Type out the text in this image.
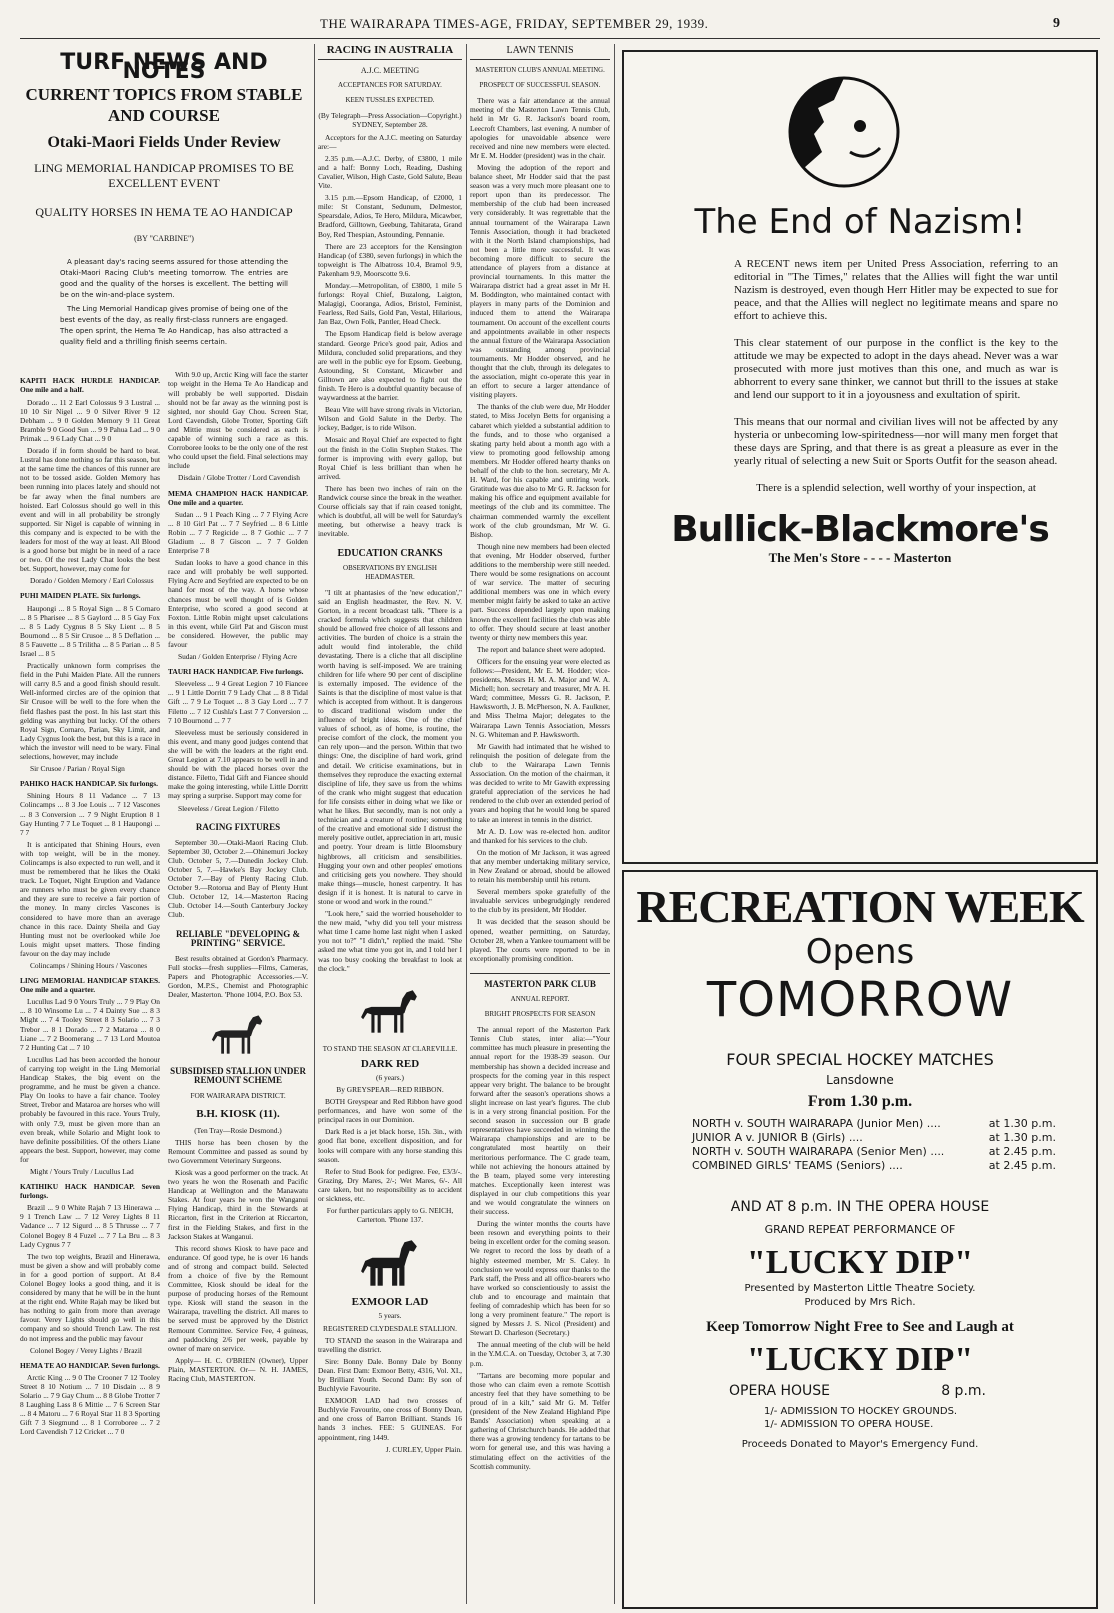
THE WAIRARAPA TIMES-AGE, FRIDAY, SEPTEMBER 29, 1939.	9
TURF NEWS AND NOTES
CURRENT TOPICS FROM STABLE AND COURSE
Otaki-Maori Fields Under Review
LING MEMORIAL HANDICAP PROMISES TO BE EXCELLENT EVENT
QUALITY HORSES IN HEMA TE AO HANDICAP
(BY "CARBINE")

A pleasant day's racing seems assured for those attending the Otaki-Maori Racing Club's meeting tomorrow. The entries are good and the quality of the horses is excellent. The betting will be on the win-and-place system.

The Ling Memorial Handicap gives promise of being one of the best events of the day, as really first-class runners are engaged. The open sprint, the Hema Te Ao Handicap, has also attracted a quality field and a thrilling finish seems certain.

KAPITI HACK HURDLE HANDICAP. One mile and a half.

Dorado ... 11 2 Earl Colossus 9 3 Lustral ... 10 10 Sir Nigel ... 9 0 Silver River 9 12 Debham ... 9 0 Golden Memory 9 11 Great Bramble 9 0 Good Sun ... 9 9 Pahua Lad ... 9 0 Primak ... 9 6 Lady Chat ... 9 0

Dorado if in form should be hard to beat. Lustral has done nothing so far this season, but at the same time the chances of this runner are not to be tossed aside. Golden Memory has been running into places lately and should not be far away when the final numbers are hoisted. Earl Colossus should go well in this event and will in all probability be strongly supported. Sir Nigel is capable of winning in this company and is expected to be with the leaders for most of the way at least. All Blood is a good horse but might be in need of a race or two. Of the rest Lady Chat looks the best bet. Support, however, may come for

Dorado / Golden Memory / Earl Colossus

PUHI MAIDEN PLATE. Six furlongs.

Haupongi ... 8 5 Royal Sign ... 8 5 Cornaro ... 8 5 Pharisee ... 8 5 Gaylord ... 8 5 Gay Fox ... 8 5 Lady Cygnus 8 5 Sky Lient ... 8 5 Bournond ... 8 5 Sir Crusoe ... 8 5 Deflation ... 8 5 Fauvette ... 8 5 Trilitha ... 8 5 Parian ... 8 5 Israel ... 8 5

Practically unknown form comprises the field in the Puhi Maiden Plate. All the runners will carry 8.5 and a good finish should result. Well-informed circles are of the opinion that Sir Crusoe will be well to the fore when the field flashes past the post. In his last start this gelding was anything but lucky. Of the others Royal Sign, Cornaro, Parian, Sky Limit, and Lady Cygnus look the best, but this is a race in which the investor will need to be wary. Final selections, however, may include

Sir Crusoe / Parian / Royal Sign

PAHIKO HACK HANDICAP. Six furlongs.

Shining Hours 8 11 Vadance ... 7 13 Colincamps ... 8 3 Joe Louis ... 7 12 Vascones ... 8 3 Conversion ... 7 9 Night Eruption 8 1 Gay Hunting 7 7 Le Toquet ... 8 1 Haupongi ... 7 7

It is anticipated that Shining Hours, even with top weight, will be in the money. Colincamps is also expected to run well, and it must be remembered that he likes the Otaki track. Le Toquet, Night Eruption and Vadance are runners who must be given every chance and they are sure to receive a fair portion of the money. In many circles Vascones is considered to have more than an average chance in this race. Dainty Sheila and Gay Hunting must not be overlooked while Joe Louis might upset matters. Those finding favour on the day may include

Colincamps / Shining Hours / Vascones

LING MEMORIAL HANDICAP STAKES. One mile and a quarter.

Lucullus Lad 9 0 Yours Truly ... 7 9 Play On ... 8 10 Winsome Lu ... 7 4 Dainty Sue ... 8 3 Might ... 7 4 Tooley Street 8 3 Solario ... 7 3 Trebor ... 8 1 Dorado ... 7 2 Mataroa ... 8 0 Liane ... 7 2 Boomerang ... 7 13 Lord Moutoa 7 2 Hunting Cat ... 7 10

Lucullus Lad has been accorded the honour of carrying top weight in the Ling Memorial Handicap Stakes, the big event on the programme, and he must be given a chance. Play On looks to have a fair chance. Tooley Street, Trebor and Mataroa are horses who will probably be favoured in this race. Yours Truly, with only 7.9, must be given more than an even break, while Solario and Might look to have definite possibilities. Of the others Liane appears the best. Support, however, may come for

Might / Yours Truly / Lucullus Lad

KATIHIKU HACK HANDICAP. Seven furlongs.

Brazil ... 9 0 White Rajah 7 13 Hinerawa ... 9 1 Trench Law ... 7 12 Verey Lights 8 11 Vadance ... 7 12 Sigurd ... 8 5 Thrusse ... 7 7 Colonel Bogey 8 4 Fuzel ... 7 7 La Bru ... 8 3 Lady Cygnus 7 7

The two top weights, Brazil and Hinerawa, must be given a show and will probably come in for a good portion of support. At 8.4 Colonel Bogey looks a good thing, and it is considered by many that he will be in the hunt at the right end. White Rajah may be liked but has nothing to gain from more than average favour. Verey Lights should go well in this company and so should Trench Law. The rest do not impress and the public may favour

Colonel Bogey / Verey Lights / Brazil

HEMA TE AO HANDICAP. Seven furlongs.

Arctic King ... 9 0 The Crooner 7 12 Tooley Street 8 10 Notium ... 7 10 Disdain ... 8 9 Solario ... 7 9 Gay Chum ... 8 8 Globe Trotter 7 8 Laughing Lass 8 6 Mittie ... 7 6 Screen Star ... 8 4 Matoru ... 7 6 Royal Star 11 8 3 Sporting Gift 7 3 Siegmund ... 8 1 Corroboree ... 7 2 Lord Cavendish 7 12 Cricket ... 7 0

With 9.0 up, Arctic King will face the starter top weight in the Hema Te Ao Handicap and will probably be well supported. Disdain should not be far away as the winning post is sighted, nor should Gay Chou. Screen Star, Lord Cavendish, Globe Trotter, Sporting Gift and Mittie must be considered as each is capable of winning such a race as this. Corroboree looks to be the only one of the rest who could upset the field. Final selections may include

Disdain / Globe Trotter / Lord Cavendish

MEMA CHAMPION HACK HANDICAP. One mile and a quarter.

Sudan ... 9 1 Peach King ... 7 7 Flying Acre ... 8 10 Girl Pat ... 7 7 Seyfried ... 8 6 Little Robin ... 7 7 Regicide ... 8 7 Gothic ... 7 7 Gladium ... 8 7 Giscon ... 7 7 Golden Enterprise 7 8

Sudan looks to have a good chance in this race and will probably be well supported. Flying Acre and Seyfried are expected to be on hand for most of the way. A horse whose chances must be well thought of is Golden Enterprise, who scored a good second at Foxton. Little Robin might upset calculations in this event, while Girl Pat and Giscon must be considered. However, the public may favour

Sudan / Golden Enterprise / Flying Acre

TAURI HACK HANDICAP. Five furlongs.

Sleeveless ... 9 4 Great Legion 7 10 Fiancee ... 9 1 Little Dorritt 7 9 Lady Chat ... 8 8 Tidal Gift ... 7 9 Le Toquet ... 8 3 Gay Lord ... 7 7 Filetto ... 7 12 Cushla's Last 7 7 Conversion ... 7 10 Bournond ... 7 7

Sleeveless must be seriously considered in this event, and many good judges contend that she will be with the leaders at the right end. Great Legion at 7.10 appears to be well in and should be with the placed horses over the distance. Filetto, Tidal Gift and Fiancee should make the going interesting, while Little Dorritt may spring a surprise. Support may come for

Sleeveless / Great Legion / Filetto

RACING FIXTURES

September 30.—Otaki-Maori Racing Club. September 30, October 2.—Ohinemuri Jockey Club. October 5, 7.—Dunedin Jockey Club. October 5, 7.—Hawke's Bay Jockey Club. October 7.—Bay of Plenty Racing Club. October 9.—Rotorua and Bay of Plenty Hunt Club. October 12, 14.—Masterton Racing Club. October 14.—South Canterbury Jockey Club.

RELIABLE "DEVELOPING & PRINTING" SERVICE.

Best results obtained at Gordon's Pharmacy. Full stocks—fresh supplies—Films, Cameras, Papers and Photographic Accessories.—V. Gordon, M.P.S., Chemist and Photographic Dealer, Masterton. 'Phone 1004, P.O. Box 53.

SUBSIDISED STALLION UNDER REMOUNT SCHEME

FOR WAIRARAPA DISTRICT.

B.H. KIOSK (11).

(Ten Tray—Rosie Desmond.)

THIS horse has been chosen by the Remount Committee and passed as sound by two Government Veterinary Surgeons.

Kiosk was a good performer on the track. At two years he won the Rosenath and Pacific Handicap at Wellington and the Manawatu Stakes. At four years he won the Wanganui Flying Handicap, third in the Stewards at Riccarton, first in the Criterion at Riccarton, first in the Fielding Stakes, and first in the Jackson Stakes at Wanganui.

This record shows Kiosk to have pace and endurance. Of good type, he is over 16 hands and of strong and compact build. Selected from a choice of five by the Remount Committee, Kiosk should be ideal for the purpose of producing horses of the Remount type. Kiosk will stand the season in the Wairarapa, travelling the district. All mares to be served must be approved by the District Remount Committee. Service Fee, 4 guineas, and paddocking 2/6 per week, payable by owner of mare on service.

Apply— H. C. O'BRIEN (Owner), Upper Plain, MASTERTON. Or— N. H. JAMES, Racing Club, MASTERTON.

RACING IN AUSTRALIA
A.J.C. MEETING
ACCEPTANCES FOR SATURDAY.
KEEN TUSSLES EXPECTED.

(By Telegraph—Press Association—Copyright.) SYDNEY, September 28.

Acceptors for the A.J.C. meeting on Saturday are:—

2.35 p.m.—A.J.C. Derby, of £3800, 1 mile and a half: Bonny Loch, Reading, Dashing Cavalier, Wilson, High Caste, Gold Salute, Beau Vite.

3.15 p.m.—Epsom Handicap, of £2000, 1 mile: St Constant, Sedunum, Delmestor, Spearsdale, Adios, Te Hero, Mildura, Micawber, Bradford, Gilltown, Geebung, Tahitarata, Grand Boy, Red Thespian, Astounding, Pennanie.

There are 23 acceptors for the Kensington Handicap (of £380, seven furlongs) in which the topweight is The Albatross 10.4, Bramol 9.9, Pakenham 9.9, Moorscotte 9.6.

Monday.—Metropolitan, of £3800, 1 mile 5 furlongs: Royal Chief, Buzalong, Laigton, Malagigi, Cooranga, Adios, Bristol, Feminist, Fearless, Red Sails, Gold Pan, Vestal, Hilarious, Jan Baz, Own Folk, Pantler, Head Check.

The Epsom Handicap field is below average standard. George Price's good pair, Adios and Mildura, concluded solid preparations, and they are well in the public eye for Epsom. Geebung, Astounding, St Constant, Micawber and Gilltown are also expected to fight out the finish. Te Hero is a doubtful quantity because of waywardness at the barrier.

Beau Vite will have strong rivals in Victorian, Wilson and Gold Salute in the Derby. The jockey, Badger, is to ride Wilson.

Mosaic and Royal Chief are expected to fight out the finish in the Colin Stephen Stakes. The former is improving with every gallop, but Royal Chief is less brilliant than when he arrived.

There has been two inches of rain on the Randwick course since the break in the weather. Course officials say that if rain ceased tonight, which is doubtful, all will be well for Saturday's meeting, but otherwise a heavy track is inevitable.

EDUCATION CRANKS
OBSERVATIONS BY ENGLISH HEADMASTER.

"I tilt at phantasies of the 'new education'," said an English headmaster, the Rev. N. V. Gorton, in a recent broadcast talk. "There is a cracked formula which suggests that children should be allowed free choice of all lessons and activities. The burden of choice is a strain the adult would find intolerable, the child devastating. There is a cliche that all discipline worth having is self-imposed. We are training children for life where 90 per cent of discipline is externally imposed. The evidence of the Saints is that the discipline of most value is that which is accepted from without. It is dangerous to discard traditional wisdom under the influence of bright ideas. One of the chief values of school, as of home, is routine, the precise comfort of the clock, the moment you can rely upon—and the person. Within that two things: One, the discipline of hard work, grind and detail. We criticise examinations, but in themselves they reproduce the exacting external discipline of life, they save us from the whims of the crank who might suggest that education for life consists either in doing what we like or what he likes. But secondly, man is not only a technician and a creature of routine; something of the creative and emotional side I distrust the merely positive outlet, appreciation in art, music and poetry. Your dream is little Bloomsbury highbrows, all criticism and sensibilities. Hugging your own and other peoples' emotions and criticising gets you nowhere. They should make things—muscle, honest carpentry. It has design if it is honest. It is natural to carve in stone or wood and work in the round."

"Look here," said the worried householder to the new maid, "why did you tell your mistress what time I came home last night when I asked you not to?" "I didn't," replied the maid. "She asked me what time you got in, and I told her I was too busy cooking the breakfast to look at the clock."

TO STAND THE SEASON AT CLAREVILLE.
DARK RED

(6 years.)

By GREYSPEAR—RED RIBBON.

BOTH Greyspear and Red Ribbon have good performances, and have won some of the principal races in our Dominion.

Dark Red is a jet black horse, 15h. 3in., with good flat bone, excellent disposition, and for looks will compare with any horse standing this season.

Refer to Stud Book for pedigree. Fee, £3/3/-. Grazing, Dry Mares, 2/-; Wet Mares, 6/-. All care taken, but no responsibility as to accident or sickness, etc.

For further particulars apply to G. NEICH, Carterton. 'Phone 137.

EXMOOR LAD

5 years.

REGISTERED CLYDESDALE STALLION.

TO STAND the season in the Wairarapa and travelling the district.

Sire: Bonny Dale. Bonny Dale by Bonny Dean. First Dam: Exmoor Betty, 4316, Vol. XI., by Brilliant Youth. Second Dam: By son of Buchlyvie Favourite.

EXMOOR LAD had two crosses of Buchlyvie Favourite, one cross of Bonny Dean, and one cross of Barron Brilliant. Stands 16 hands 3 inches. FEE: 5 GUINEAS. For appointment, ring 1449.

J. CURLEY, Upper Plain.

LAWN TENNIS
MASTERTON CLUB'S ANNUAL MEETING.
PROSPECT OF SUCCESSFUL SEASON.

There was a fair attendance at the annual meeting of the Masterton Lawn Tennis Club, held in Mr G. R. Jackson's board room, Leecroft Chambers, last evening. A number of apologies for unavoidable absence were received and nine new members were elected. Mr E. M. Hodder (president) was in the chair.

Moving the adoption of the report and balance sheet, Mr Hodder said that the past season was a very much more pleasant one to report upon than its predecessor. The membership of the club had been increased very considerably. It was regrettable that the annual tournament of the Wairarapa Lawn Tennis Association, though it had bracketed with it the North Island championships, had not been a little more successful. It was becoming more difficult to secure the attendance of players from a distance at provincial tournaments. In this matter the Wairarapa district had a great asset in Mr H. M. Boddington, who maintained contact with players in many parts of the Dominion and induced them to attend the Wairarapa tournament. On account of the excellent courts and appointments available in other respects the annual fixture of the Wairarapa Association was outstanding among provincial tournaments. Mr Hodder observed, and he thought that the club, through its delegates to the association, might co-operate this year in an effort to secure a larger attendance of visiting players.

The thanks of the club were due, Mr Hodder stated, to Miss Jocelyn Betts for organising a cabaret which yielded a substantial addition to the funds, and to those who organised a skating party held about a month ago with a view to promoting good fellowship among members. Mr Hodder offered hearty thanks on behalf of the club to the hon. secretary, Mr A. H. Ward, for his capable and untiring work. Gratitude was due also to Mr G. R. Jackson for making his office and equipment available for meetings of the club and its committee. The chairman commended warmly the excellent work of the club groundsman, Mr W. G. Bishop.

Though nine new members had been elected that evening, Mr Hodder observed, further additions to the membership were still needed. There would be some resignations on account of war service. The matter of securing additional members was one in which every member might fairly be asked to take an active part. Success depended largely upon making known the excellent facilities the club was able to offer. They should secure at least another twenty or thirty new members this year.

The report and balance sheet were adopted.

Officers for the ensuing year were elected as follows:—President, Mr E. M. Hodder; vice-presidents, Messrs H. M. A. Major and W. A. Michell; hon. secretary and treasurer, Mr A. H. Ward; committee, Messrs G. R. Jackson, P. Hawksworth, J. B. McPherson, N. A. Faulkner, and Miss Thelma Major; delegates to the Wairarapa Lawn Tennis Association, Messrs N. G. Whiteman and P. Hawksworth.

Mr Gawith had intimated that he wished to relinquish the position of delegate from the club to the Wairarapa Lawn Tennis Association. On the motion of the chairman, it was decided to write to Mr Gawith expressing grateful appreciation of the services he had rendered to the club over an extended period of years and hoping that he would long be spared to take an interest in tennis in the district.

Mr A. D. Low was re-elected hon. auditor and thanked for his services to the club.

On the motion of Mr Jackson, it was agreed that any member undertaking military service, in New Zealand or abroad, should be allowed to retain his membership until his return.

Several members spoke gratefully of the invaluable services unbegrudgingly rendered to the club by its president, Mr Hodder.

It was decided that the season should be opened, weather permitting, on Saturday, October 28, when a Yankee tournament will be played. The courts were reported to be in exceptionally promising condition.

MASTERTON PARK CLUB
ANNUAL REPORT.
BRIGHT PROSPECTS FOR SEASON

The annual report of the Masterton Park Tennis Club states, inter alia:—"Your committee has much pleasure in presenting the annual report for the 1938-39 season. Our membership has shown a decided increase and prospects for the coming year in this respect appear very bright. The balance to be brought forward after the season's operations shows a slight increase on last year's figures. The club is in a very strong financial position. For the second season in succession our B grade representatives have succeeded in winning the Wairarapa championships and are to be congratulated most heartily on their meritorious performance. The C grade team, while not achieving the honours attained by the B team, played some very interesting matches. Exceptionally keen interest was displayed in our club competitions this year and we would congratulate the winners on their success.

During the winter months the courts have been resown and everything points to their being in excellent order for the coming season. We regret to record the loss by death of a highly esteemed member, Mr S. Caley. In conclusion we would express our thanks to the Park staff, the Press and all office-bearers who have worked so conscientiously to assist the club and to encourage and maintain that feeling of comradeship which has been for so long a very prominent feature." The report is signed by Messrs J. S. Nicol (President) and Stewart D. Charleson (Secretary.)

The annual meeting of the club will be held in the Y.M.C.A. on Tuesday, October 3, at 7.30 p.m.

"Tartans are becoming more popular and those who can claim even a remote Scottish ancestry feel that they have something to be proud of in a kilt," said Mr G. M. Telfer (president of the New Zealand Highland Pipe Bands' Association) when speaking at a gathering of Christchurch bands. He added that there was a growing tendency for tartans to be worn for general use, and this was having a stimulating effect on the activities of the Scottish community.

The End of Nazism!

A RECENT news item per United Press Association, referring to an editorial in "The Times," relates that the Allies will fight the war until Nazism is destroyed, even though Herr Hitler may be expected to sue for peace, and that the Allies will neglect no legitimate means and spare no effort to achieve this.

This clear statement of our purpose in the conflict is the key to the attitude we may be expected to adopt in the days ahead. Never was a war prosecuted with more just motives than this one, and much as war is abhorrent to every sane thinker, we cannot but thrill to the issues at stake and lend our support to it in a joyousness and exultation of spirit.

This means that our normal and civilian lives will not be affected by any hysteria or unbecoming low-spiritedness—nor will many men forget that these days are Spring, and that there is as great a pleasure as ever in the yearly ritual of selecting a new Suit or Sports Outfit for the season ahead.

There is a splendid selection, well worthy of your inspection, at

Bullick-Blackmore's
The Men's Store - - - - Masterton
RECREATION WEEK
Opens
TOMORROW
FOUR SPECIAL HOCKEY MATCHES
Lansdowne
From 1.30 p.m.
NORTH v. SOUTH WAIRARAPA (Junior Men) ....	at 1.30 p.m.
JUNIOR A v. JUNIOR B (Girls) ....	at 1.30 p.m.
NORTH v. SOUTH WAIRARAPA (Senior Men) ....	at 2.45 p.m.
COMBINED GIRLS' TEAMS (Seniors) ....	at 2.45 p.m.
AND AT 8 p.m. IN THE OPERA HOUSE
GRAND REPEAT PERFORMANCE OF
"LUCKY DIP"
Presented by Masterton Little Theatre Society.
Produced by Mrs Rich.
Keep Tomorrow Night Free to See and Laugh at
"LUCKY DIP"
OPERA HOUSE	8 p.m.
1/- ADMISSION TO HOCKEY GROUNDS.
1/- ADMISSION TO OPERA HOUSE.
Proceeds Donated to Mayor's Emergency Fund.
